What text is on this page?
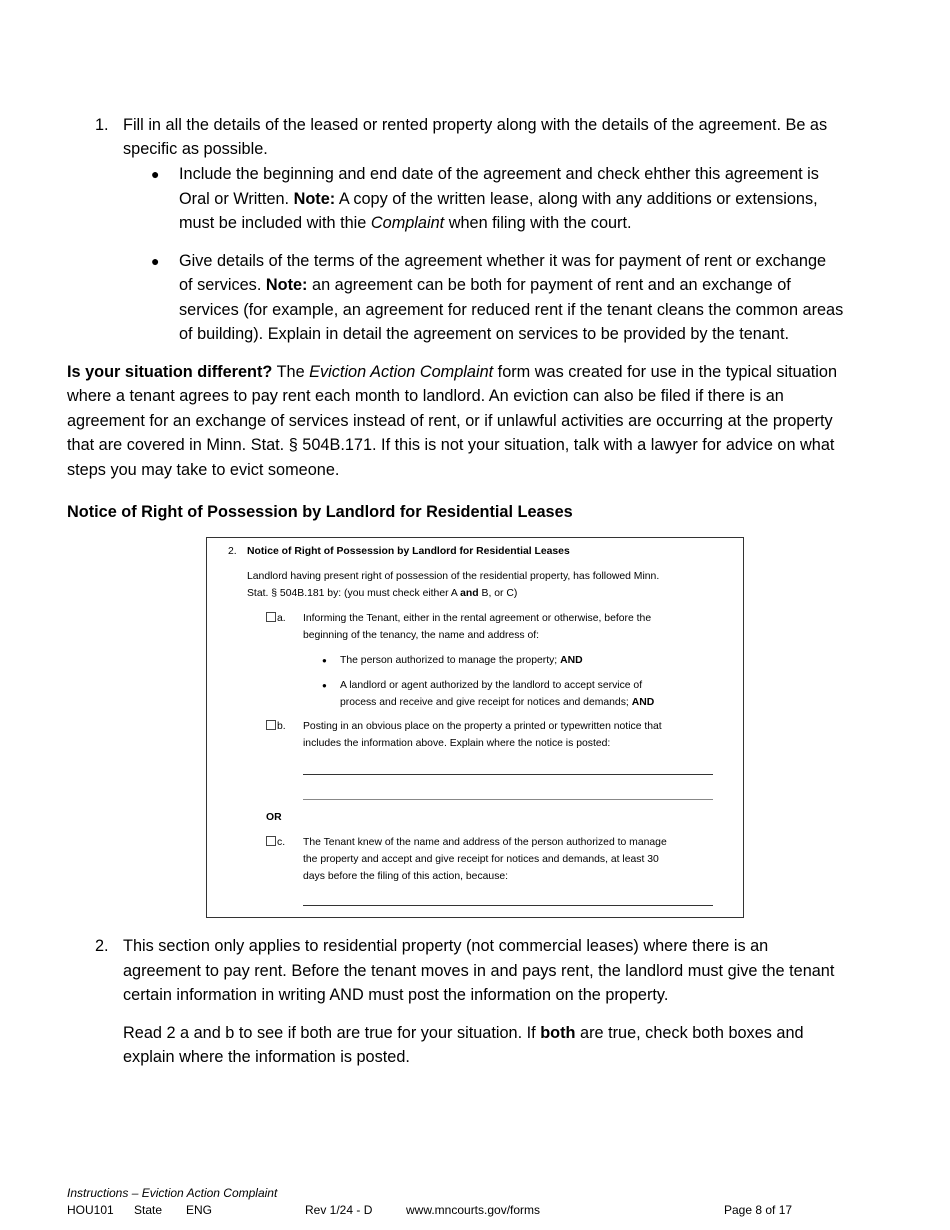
1. Fill in all the details of the leased or rented property along with the details of the agreement. Be as
specific as possible.
● Include the beginning and end date of the agreement and check ehther this agreement is
Oral or Written. Note: A copy of the written lease, along with any additions or extensions,
must be included with thie Complaint when filing with the court.
● Give details of the terms of the agreement whether it was for payment of rent or exchange
of services. Note: an agreement can be both for payment of rent and an exchange of
services (for example, an agreement for reduced rent if the tenant cleans the common areas
of building). Explain in detail the agreement on services to be provided by the tenant.
Is your situation different? The Eviction Action Complaint form was created for use in the typical situation
where a tenant agrees to pay rent each month to landlord. An eviction can also be filed if there is an
agreement for an exchange of services instead of rent, or if unlawful activities are occurring at the property
that are covered in Minn. Stat. § 504B.171. If this is not your situation, talk with a lawyer for advice on what
steps you may take to evict someone.
Notice of Right of Possession by Landlord for Residential Leases
2. Notice of Right of Possession by Landlord for Residential Leases
Landlord having present right of possession of the residential property, has followed Minn.
Stat. § 504B.181 by: (you must check either A and B, or C)
a. Informing the Tenant, either in the rental agreement or otherwise, before the
beginning of the tenancy, the name and address of:
● The person authorized to manage the property; AND
● A landlord or agent authorized by the landlord to accept service of
process and receive and give receipt for notices and demands; AND
b. Posting in an obvious place on the property a printed or typewritten notice that
includes the information above. Explain where the notice is posted:
OR
c. The Tenant knew of the name and address of the person authorized to manage
the property and accept and give receipt for notices and demands, at least 30
days before the filing of this action, because:
2. This section only applies to residential property (not commercial leases) where there is an
agreement to pay rent. Before the tenant moves in and pays rent, the landlord must give the tenant
certain information in writing AND must post the information on the property.
Read 2 a and b to see if both are true for your situation. If both are true, check both boxes and
explain where the information is posted.
Instructions – Eviction Action Complaint
HOU101 State ENG	Rev 1/24 - D	www.mncourts.gov/forms	Page 8 of 17
